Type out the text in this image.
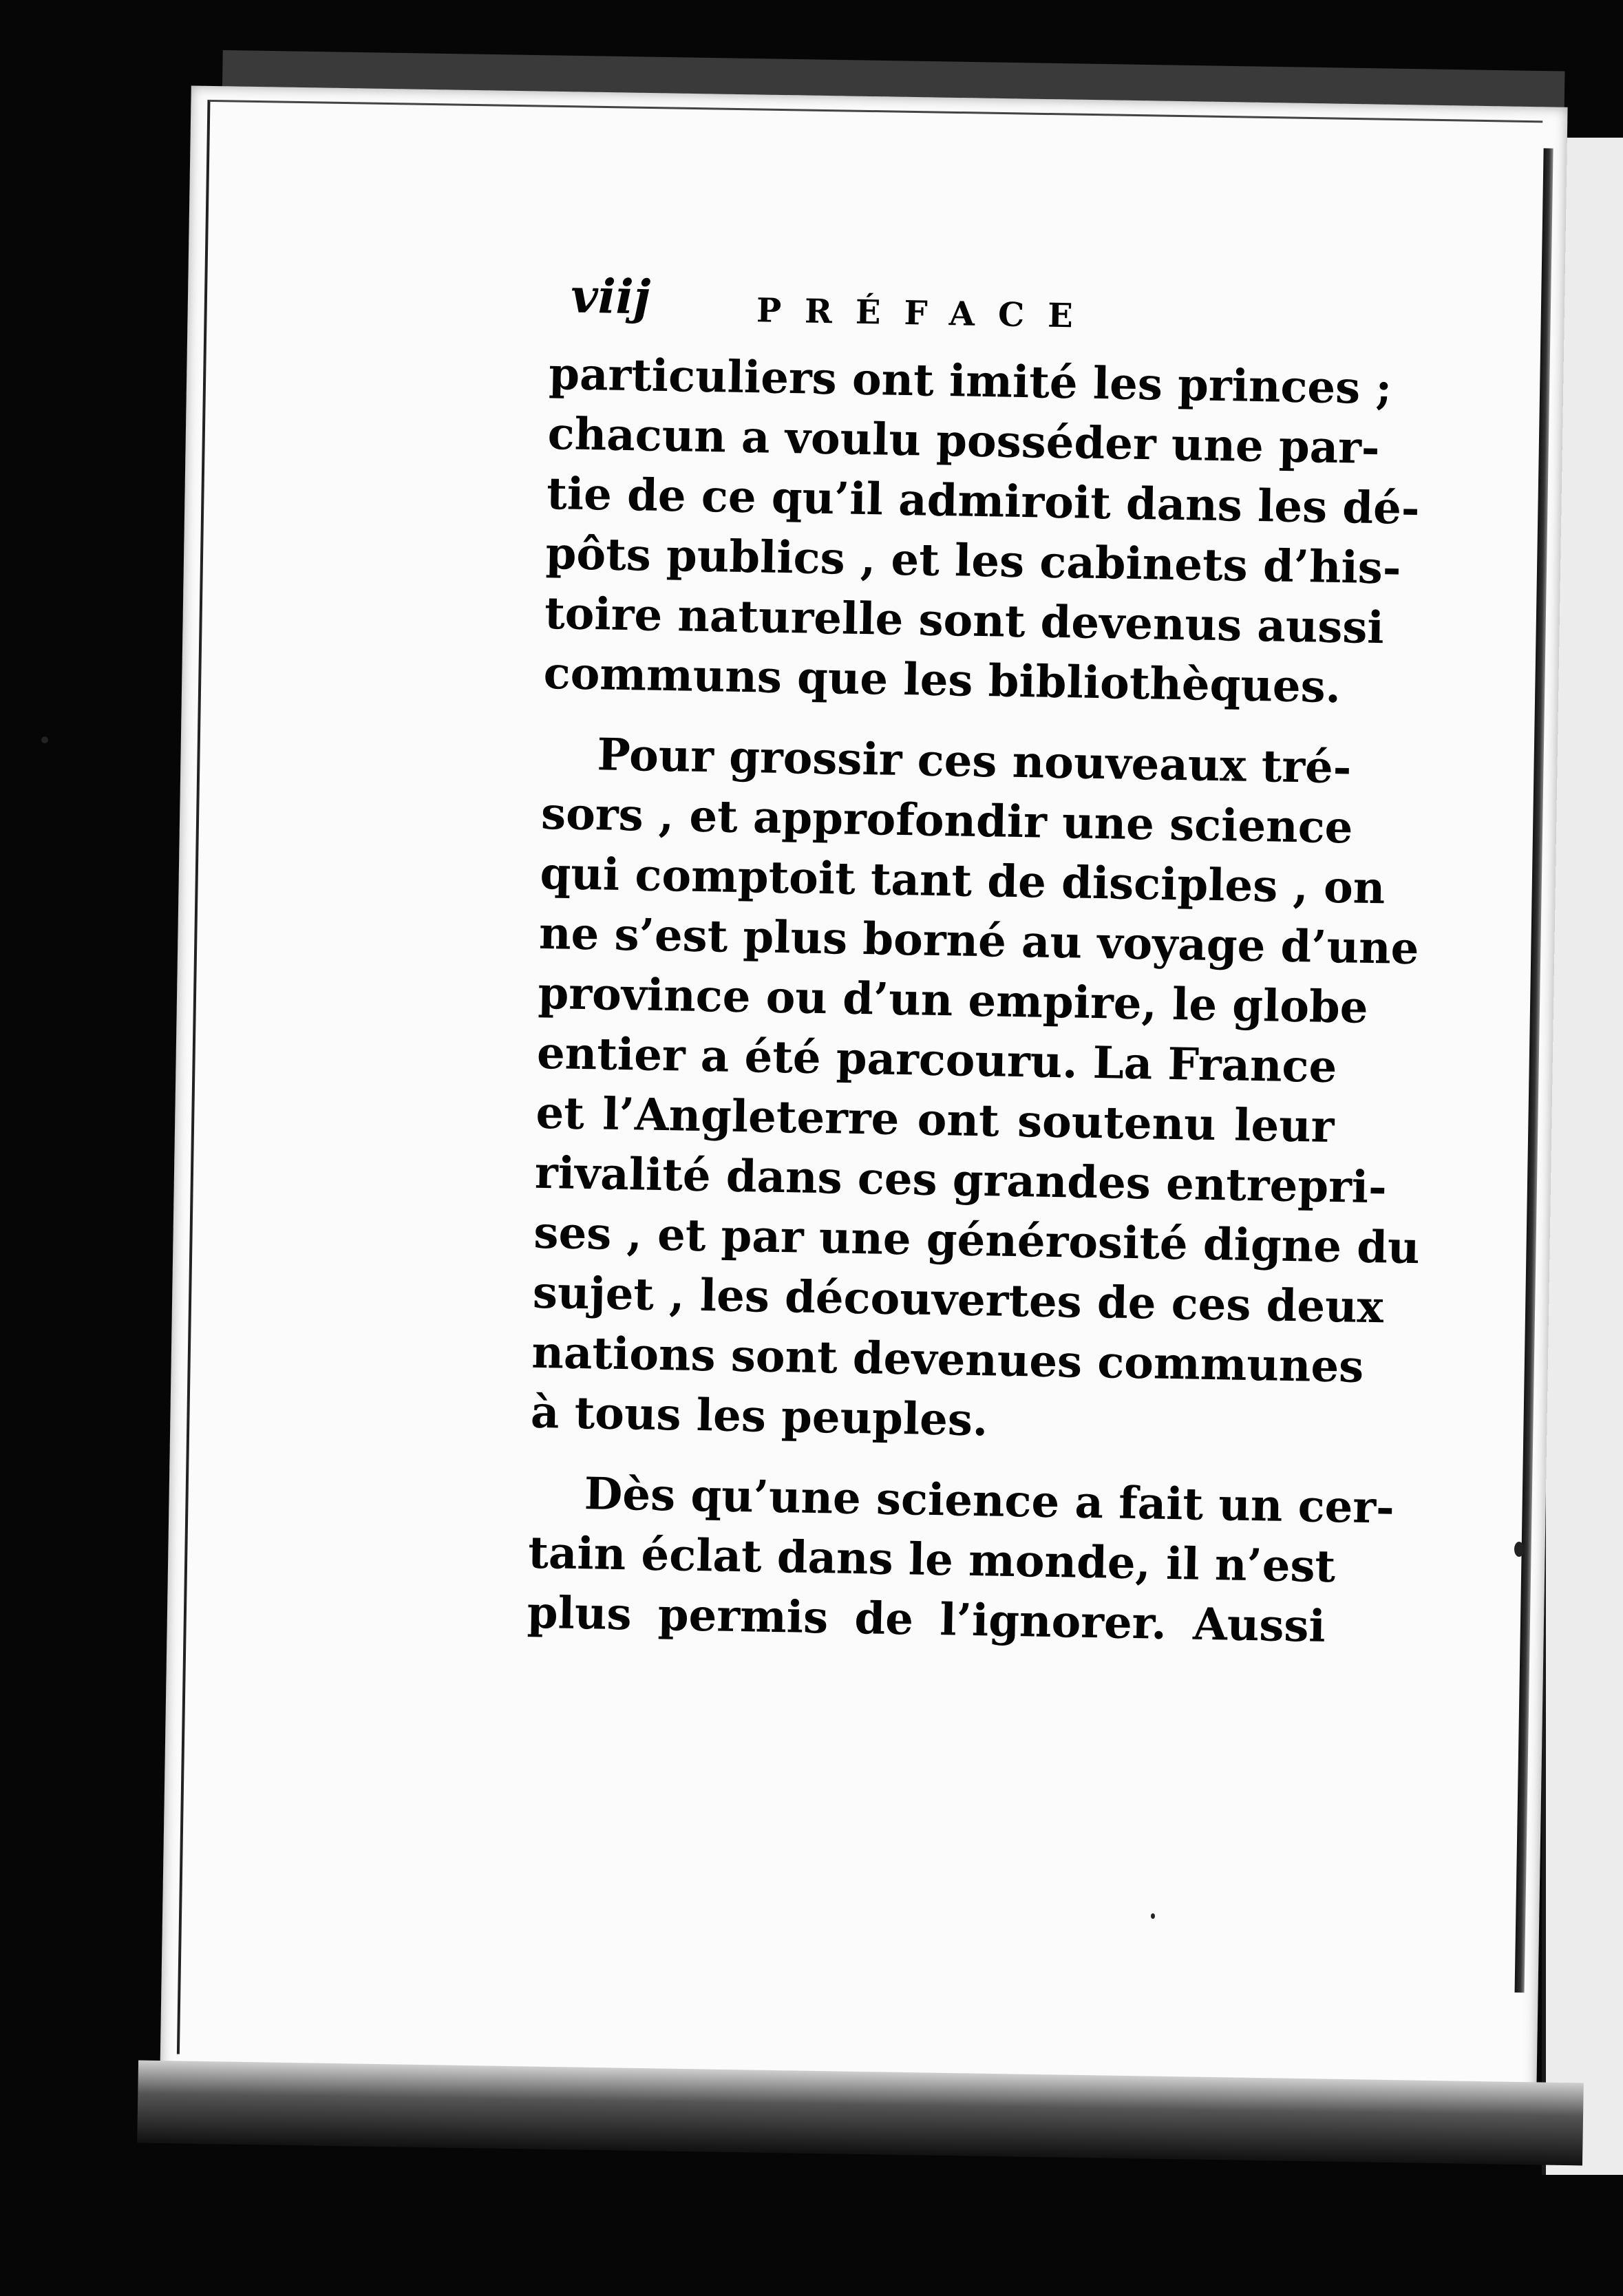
viij	PRÉFACE
particuliers ont imité les princes ;
chacun a voulu posséder une par-
tie de ce qu’il admiroit dans les dé-
pôts publics , et les cabinets d’his-
toire naturelle sont devenus aussi
communs que les bibliothèques.
Pour grossir ces nouveaux tré-
sors , et approfondir une science
qui comptoit tant de disciples , on
ne s’est plus borné au voyage d’une
province ou d’un empire, le globe
entier a été parcouru. La France
et l’Angleterre ont soutenu leur
rivalité dans ces grandes entrepri-
ses , et par une générosité digne du
sujet , les découvertes de ces deux
nations sont devenues communes
à tous les peuples.
Dès qu’une science a fait un cer-
tain éclat dans le monde, il n’est
plus permis de l’ignorer. Aussi
